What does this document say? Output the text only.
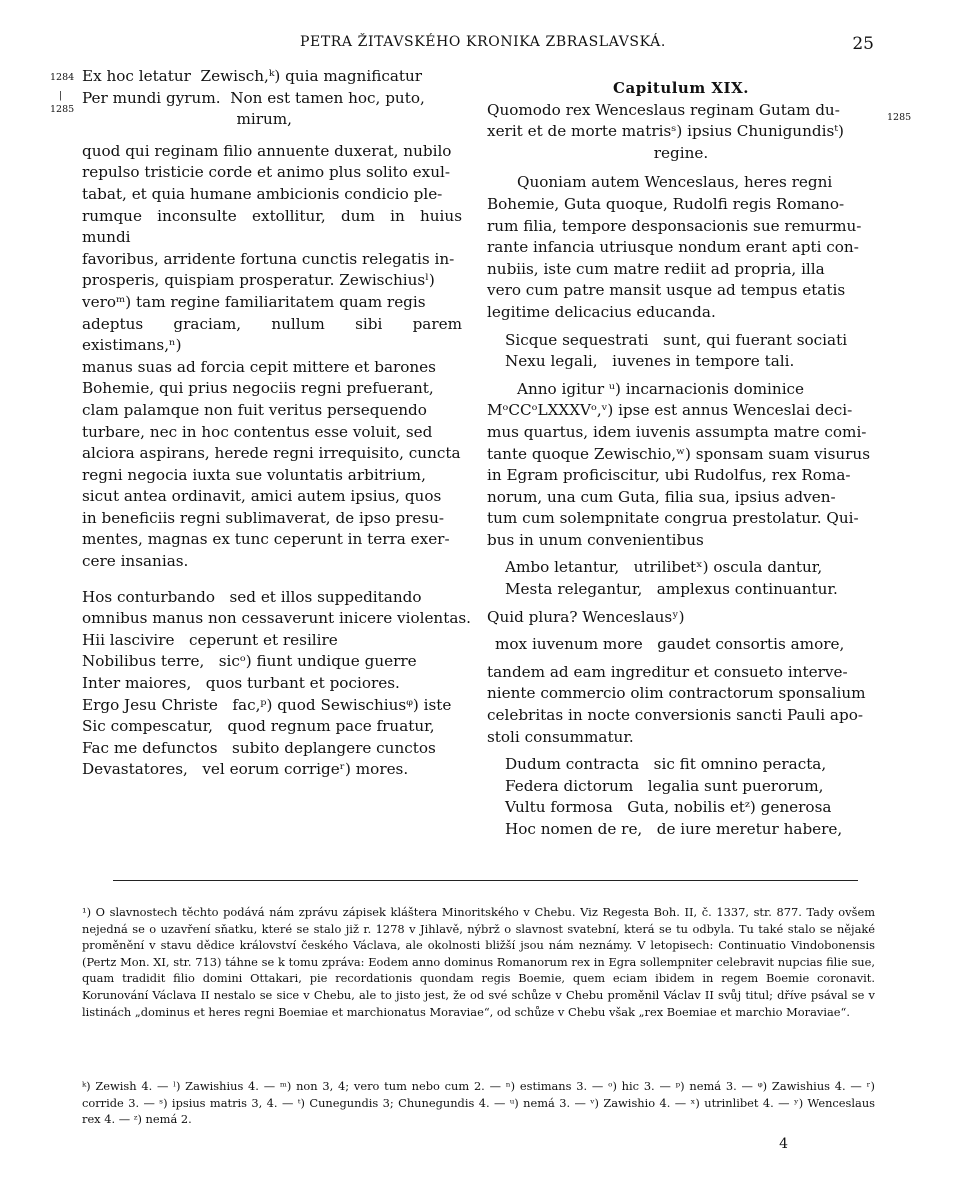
PETRA ŽITAVSKÉHO KRONIKA ZBRASLAVSKÁ.	25
1284
|
1285
1285

Ex hoc letatur  Zewisch,ᵏ) quia magnificatur

Per mundi gyrum.  Non est tamen hoc, puto,

mirum,

quod qui reginam filio annuente duxerat, nubilo

repulso tristicie corde et animo plus solito exul-

tabat, et quia humane ambicionis condicio ple-

rumque inconsulte extollitur, dum in huius mundi

favoribus, arridente fortuna cunctis relegatis in-

prosperis, quispiam prosperatur. Zewischiusˡ)

veroᵐ) tam regine familiaritatem quam regis

adeptus graciam, nullum sibi parem existimans,ⁿ)

manus suas ad forcia cepit mittere et barones

Bohemie, qui prius negociis regni prefuerant,

clam palamque non fuit veritus persequendo

turbare, nec in hoc contentus esse voluit, sed

alciora aspirans, herede regni irrequisito, cuncta

regni negocia iuxta sue voluntatis arbitrium,

sicut antea ordinavit, amici autem ipsius, quos

in beneficiis regni sublimaverat, de ipso presu-

mentes, magnas ex tunc ceperunt in terra exer-

cere insanias.

Hos conturbando   sed et illos suppeditando

omnibus manus non cessaverunt inicere violentas.

Hii lascivire   ceperunt et resilire

Nobilibus terre,   sicᵒ) fiunt undique guerre

Inter maiores,   quos turbant et pociores.

Ergo Jesu Christe   fac,ᵖ) quod Sewischiusᵠ) iste

Sic compescatur,   quod regnum pace fruatur,

Fac me defunctos   subito deplangere cunctos

Devastatores,   vel eorum corrigeʳ) mores.

Capitulum XIX.

Quomodo rex Wenceslaus reginam Gutam du-

xerit et de morte matrisˢ) ipsius Chunigundisᵗ)

regine.

Quoniam autem Wenceslaus, heres regni

Bohemie, Guta quoque, Rudolfi regis Romano-

rum filia, tempore desponsacionis sue remurmu-

rante infancia utriusque nondum erant apti con-

nubiis, iste cum matre rediit ad propria, illa

vero cum patre mansit usque ad tempus etatis

legitime delicacius educanda.

Sicque sequestrati   sunt, qui fuerant sociati

Nexu legali,   iuvenes in tempore tali.

Anno igitur ᵘ) incarnacionis dominice

MᵒCCᵒLXXXVᵒ,ᵛ) ipse est annus Wenceslai deci-

mus quartus, idem iuvenis assumpta matre comi-

tante quoque Zewischio,ʷ) sponsam suam visurus

in Egram proficiscitur, ubi Rudolfus, rex Roma-

norum, una cum Guta, filia sua, ipsius adven-

tum cum solempnitate congrua prestolatur. Qui-

bus in unum convenientibus

Ambo letantur,   utrilibetˣ) oscula dantur,

Mesta relegantur,   amplexus continuantur.

Quid plura? Wenceslausʸ)

mox iuvenum more   gaudet consortis amore,

tandem ad eam ingreditur et consueto interve-

niente commercio olim contractorum sponsalium

celebritas in nocte conversionis sancti Pauli apo-

stoli consummatur.

Dudum contracta   sic fit omnino peracta,

Federa dictorum   legalia sunt puerorum,

Vultu formosa   Guta, nobilis etᶻ) generosa

Hoc nomen de re,   de iure meretur habere,

¹) O slavnostech těchto podává nám zprávu zápisek kláštera Minoritského v Chebu. Viz Regesta Boh. II, č. 1337, str. 877. Tady ovšem nejedná se o uzavření sňatku, které se stalo již r. 1278 v Jihlavě, nýbrž o slavnost svatební, která se tu odbyla. Tu také stalo se nějaké proměnění v stavu dědice království českého Václava, ale okolnosti bližší jsou nám neznámy. V letopisech: Continuatio Vindobonensis (Pertz Mon. XI, str. 713) táhne se k tomu zpráva: Eodem anno dominus Romanorum rex in Egra sollempniter celebravit nupcias filie sue, quam tradidit filio domini Ottakari, pie recordationis quondam regis Boemie, quem eciam ibidem in regem Boemie coronavit. Korunování Václava II nestalo se sice v Chebu, ale to jisto jest, že od své schůze v Chebu proměnil Václav II svůj titul; dříve psával se v listinách „dominus et heres regni Boemiae et marchionatus Moraviae“, od schůze v Chebu však „rex Boemiae et marchio Moraviae“.
ᵏ) Zewish 4. — ˡ) Zawishius 4. — ᵐ) non 3, 4; vero tum nebo cum 2. — ⁿ) estimans 3. — ᵒ) hic 3. — ᵖ) nemá 3. — ᵠ) Zawishius 4. — ʳ) corride 3. — ˢ) ipsius matris 3, 4. — ᵗ) Cunegundis 3; Chunegundis 4. — ᵘ) nemá 3. — ᵛ) Zawishio 4. — ˣ) utrinlibet 4. — ʸ) Wenceslaus rex 4. — ᶻ) nemá 2.
4
